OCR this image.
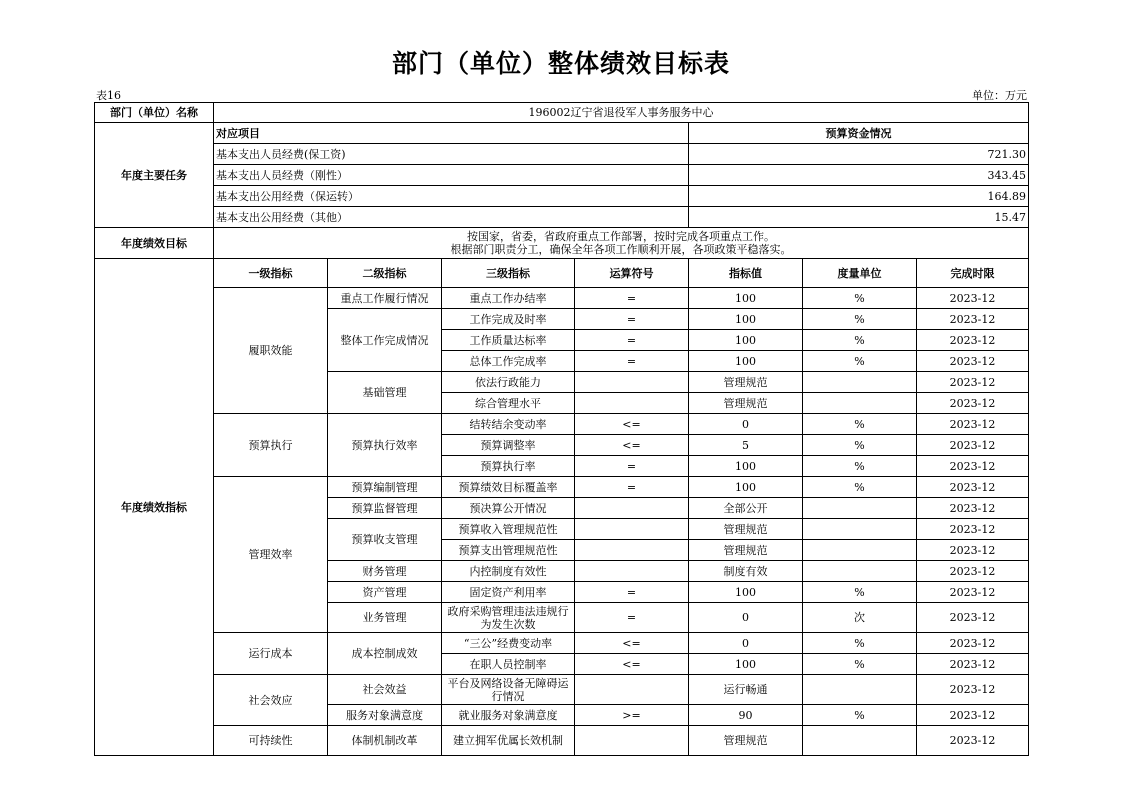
部门（单位）整体绩效目标表
表16	单位：万元
部门（单位）名称	196002辽宁省退役军人事务服务中心						
年度主要任务	对应项目				预算资金情况		
	基本支出人员经费(保工资)				721.30		
	基本支出人员经费（刚性）				343.45		
	基本支出公用经费（保运转）				164.89		
	基本支出公用经费（其他）				15.47		
年度绩效目标	按国家，省委，省政府重点工作部署，按时完成各项重点工作。
根据部门职责分工，确保全年各项工作顺利开展，各项政策平稳落实。						

年度绩效指标	一级指标	二级指标	三级指标	运算符号	指标值	度量单位	完成时限
	履职效能	重点工作履行情况	重点工作办结率	=	100	%	2023-12
		整体工作完成情况	工作完成及时率	=	100	%	2023-12
			工作质量达标率	=	100	%	2023-12
			总体工作完成率	=	100	%	2023-12
		基础管理	依法行政能力		管理规范		2023-12
			综合管理水平		管理规范		2023-12
	预算执行	预算执行效率	结转结余变动率	<=	0	%	2023-12
			预算调整率	<=	5	%	2023-12
			预算执行率	=	100	%	2023-12
	管理效率	预算编制管理	预算绩效目标覆盖率	=	100	%	2023-12
		预算监督管理	预决算公开情况		全部公开		2023-12
		预算收支管理	预算收入管理规范性		管理规范		2023-12
			预算支出管理规范性		管理规范		2023-12
		财务管理	内控制度有效性		制度有效		2023-12
		资产管理	固定资产利用率	=	100	%	2023-12
		业务管理	政府采购管理违法违规行为发生次数	=	0	次	2023-12
	运行成本	成本控制成效	“三公”经费变动率	<=	0	%	2023-12
			在职人员控制率	<=	100	%	2023-12
	社会效应	社会效益	平台及网络设备无障碍运行情况		运行畅通		2023-12
		服务对象满意度	就业服务对象满意度	>=	90	%	2023-12
	可持续性	体制机制改革	建立拥军优属长效机制		管理规范		2023-12
